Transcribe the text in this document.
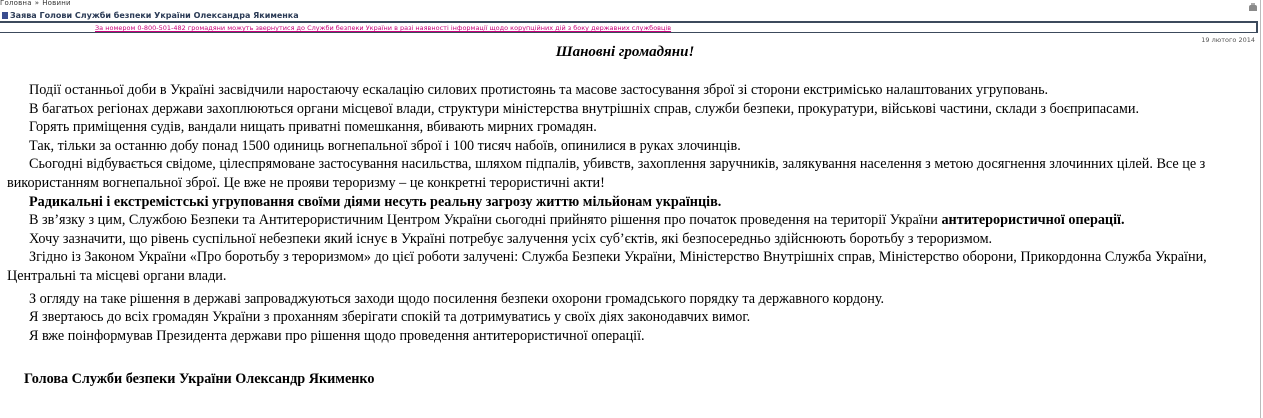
Головна » Новини
Заява Голови Служби безпеки України Олександра Якименка
За номером 0-800-501-482 громадяни можуть звернутися до Служби безпеки України в разі наявності інформації щодо корупційних дій з боку державних службовців
19 лютого 2014
Шановні громадяни!

Події останньої доби в Україні засвідчили наростаючу ескалацію силових протистоянь та масове застосування зброї зі сторони екстримісько налаштованих угруповань.

В багатьох регіонах держави захоплюються органи місцевої влади, структури міністерства внутрішніх справ, служби безпеки, прокуратури, військові частини, склади з боєприпасами.

Горять приміщення судів, вандали нищать приватні помешкання, вбивають мирних громадян.

Так, тільки за останню добу понад 1500 одиниць вогнепальної зброї і 100 тисяч набоїв, опинилися в руках злочинців.

Сьогодні відбувається свідоме, цілеспрямоване застосування насильства, шляхом підпалів, убивств, захоплення заручників, залякування населення з метою досягнення злочинних цілей. Все це з використанням вогнепальної зброї. Це вже не прояви тероризму – це конкретні терористичні акти!

Радикальні і екстремістські угруповання своїми діями несуть реальну загрозу життю мільйонам українців.

В зв’язку з цим, Службою Безпеки та Антитерористичним Центром України сьогодні прийнято рішення про початок проведення на території України антитерористичної операції.

Хочу зазначити, що рівень суспільної небезпеки який існує в Україні потребує залучення усіх суб’єктів, які безпосередньо здійснюють боротьбу з тероризмом.

Згідно із Законом України «Про боротьбу з тероризмом» до цієї роботи залучені: Служба Безпеки України, Міністерство Внутрішніх справ, Міністерство оборони, Прикордонна Служба України, Центральні та місцеві органи влади.

З огляду на таке рішення в державі запроваджуються заходи щодо посилення безпеки охорони громадського порядку та державного кордону.

Я звертаюсь до всіх громадян України з проханням зберігати спокій та дотримуватись у своїх діях законодавчих вимог.

Я вже поінформував Президента держави про рішення щодо проведення антитерористичної операції.

Голова Служби безпеки України Олександр Якименко
